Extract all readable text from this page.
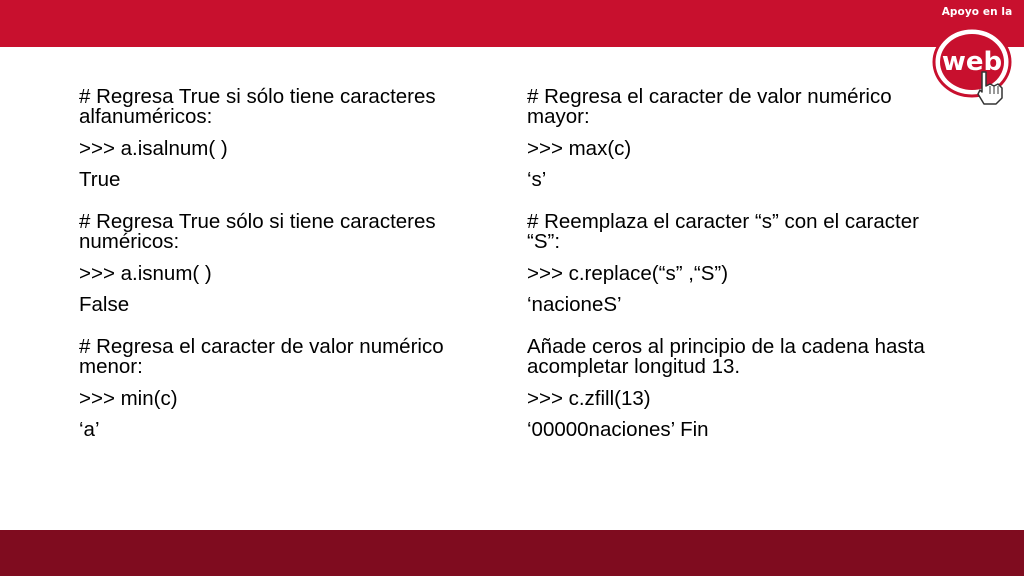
Apoyo en la
web
# Regresa True si sólo tiene caracteres alfanuméricos:
>>> a.isalnum( )
True
# Regresa True sólo si tiene caracteres numéricos:
>>> a.isnum( )
False
# Regresa el caracter de valor numérico menor:
>>> min(c)
‘a’
# Regresa el caracter de valor numérico mayor:
>>> max(c)
‘s’
# Reemplaza el caracter “s” con el caracter “S”:
>>> c.replace(“s” ,“S”)
‘nacioneS’
Añade ceros al principio de la cadena hasta acompletar longitud 13.
>>> c.zfill(13)
‘00000naciones’ Fin
